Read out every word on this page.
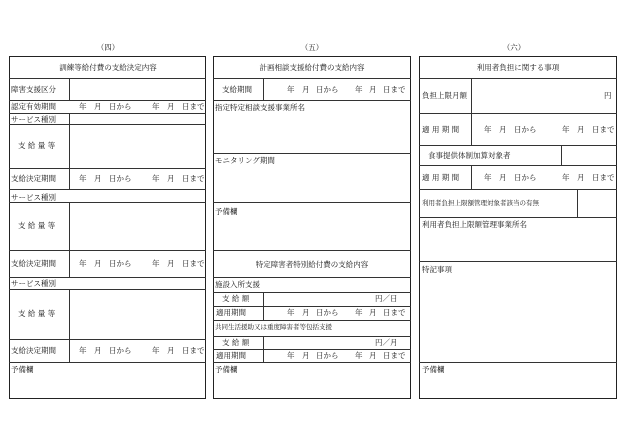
（四）	（五）	（六）
訓練等給付費の支給決定内容
障害支援区分
認定有効期間	年 月 日から	年 月 日まで
サービス種別
支 給 量 等
支給決定期間	年 月 日から	年 月 日まで
サービス種別
支 給 量 等
支給決定期間	年 月 日から	年 月 日まで
サービス種別
支 給 量 等
支給決定期間	年 月 日から	年 月 日まで
予備欄
計画相談支援給付費の支給内容
支給期間	年 月 日から 年 月 日まで
指定特定相談支援事業所名
モニタリング期間
予備欄
特定障害者特別給付費の支給内容
施設入所支援
支 給 額	円／日
適用期間	年 月 日から 年 月 日まで
共同生活援助又は重度障害者等包括支援
支 給 額	円／月
適用期間	年 月 日から 年 月 日まで
予備欄
利用者負担に関する事項
負担上限月額	円
適 用 期 間	年 月 日から	年 月 日まで
食事提供体制加算対象者
適 用 期 間	年 月 日から	年 月 日まで
利用者負担上限額管理対象者該当の有無
利用者負担上限額管理事業所名
特記事項
予備欄
